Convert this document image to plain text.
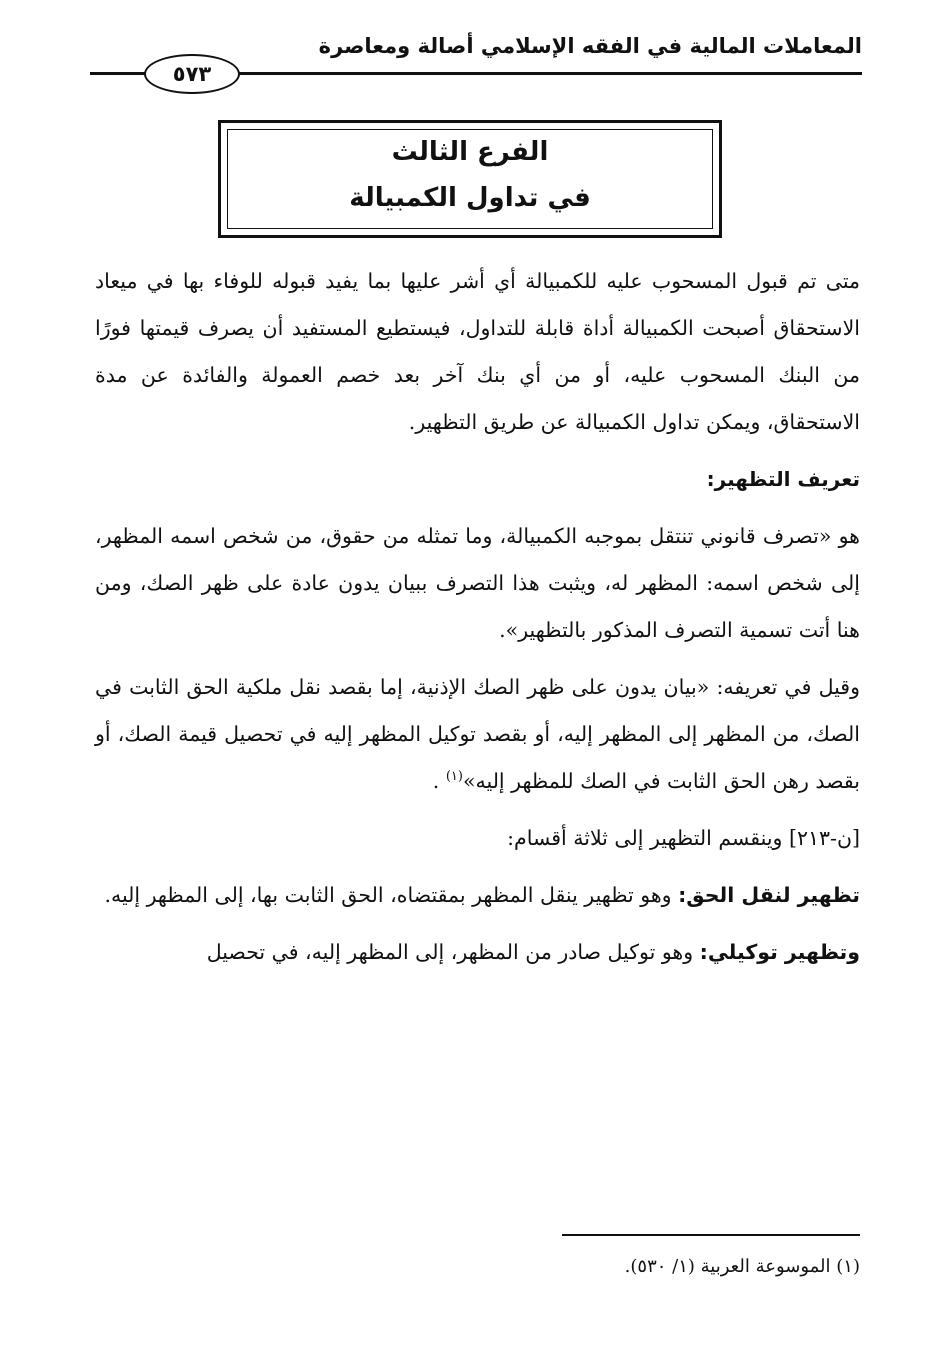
المعاملات المالية في الفقه الإسلامي أصالة ومعاصرة
٥٧٣
الفرع الثالث
في تداول الكمبيالة

متى تم قبول المسحوب عليه للكمبيالة أي أشر عليها بما يفيد قبوله للوفاء بها في ميعاد الاستحقاق أصبحت الكمبيالة أداة قابلة للتداول، فيستطيع المستفيد أن يصرف قيمتها فورًا من البنك المسحوب عليه، أو من أي بنك آخر بعد خصم العمولة والفائدة عن مدة الاستحقاق، ويمكن تداول الكمبيالة عن طريق التظهير.

تعريف التظهير:

هو «تصرف قانوني تنتقل بموجبه الكمبيالة، وما تمثله من حقوق، من شخص اسمه المظهر، إلى شخص اسمه: المظهر له، ويثبت هذا التصرف ببيان يدون عادة على ظهر الصك، ومن هنا أتت تسمية التصرف المذكور بالتظهير».

وقيل في تعريفه: «بيان يدون على ظهر الصك الإذنية، إما بقصد نقل ملكية الحق الثابت في الصك، من المظهر إلى المظهر إليه، أو بقصد توكيل المظهر إليه في تحصيل قيمة الصك، أو بقصد رهن الحق الثابت في الصك للمظهر إليه»$^{(١)}$ .

[ن-٢١٣] وينقسم التظهير إلى ثلاثة أقسام:

تظهير لنقل الحق: وهو تظهير ينقل المظهر بمقتضاه، الحق الثابت بها، إلى المظهر إليه.

وتظهير توكيلي: وهو توكيل صادر من المظهر، إلى المظهر إليه، في تحصيل

(١) الموسوعة العربية (١/ ٥٣٠).
